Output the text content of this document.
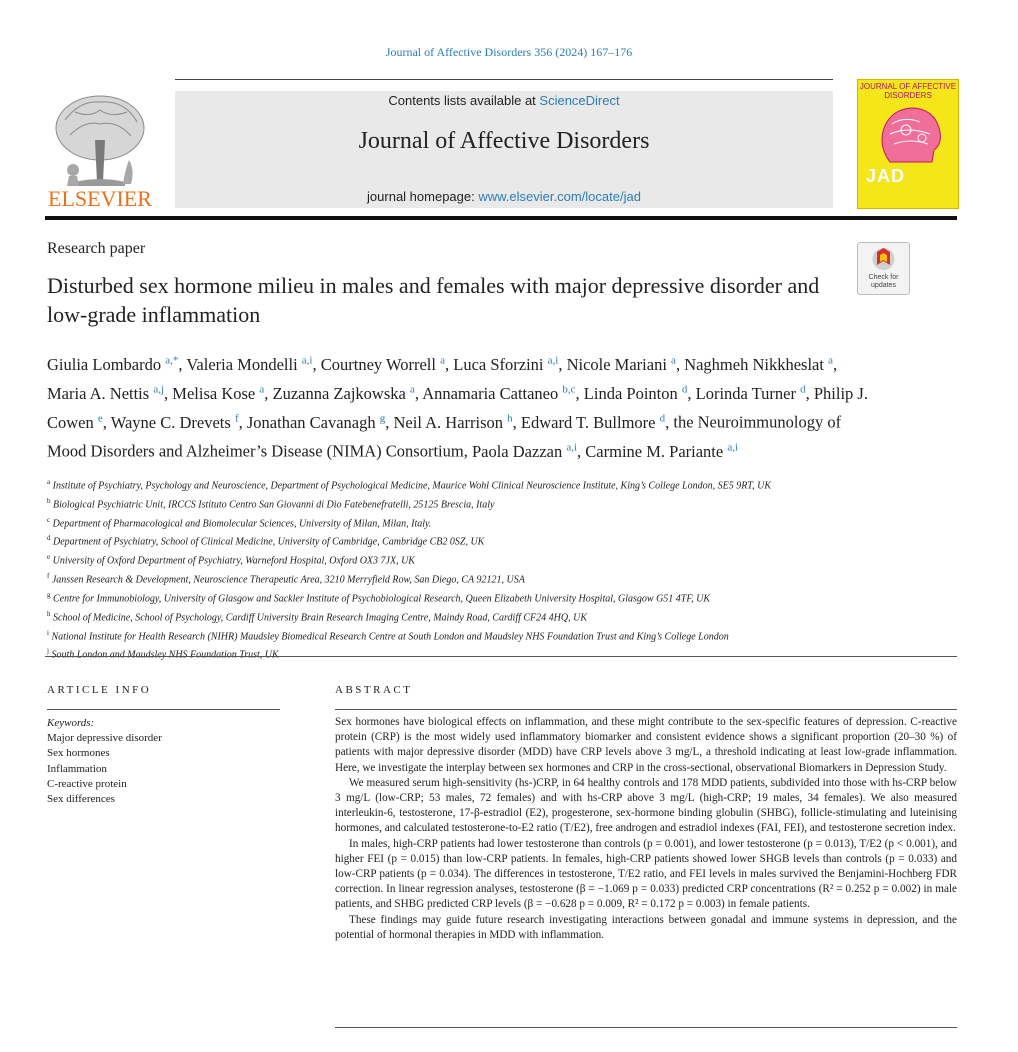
Journal of Affective Disorders 356 (2024) 167–176
ELSEVIER
Contents lists available at ScienceDirect
Journal of Affective Disorders
journal homepage: www.elsevier.com/locate/jad
JOURNAL OF AFFECTIVE DISORDERS
JAD
Research paper
Disturbed sex hormone milieu in males and females with major depressive disorder and low-grade inflammation
Check for updates
Giulia Lombardo $^{a,*}$, Valeria Mondelli $^{a,i}$, Courtney Worrell $^a$, Luca Sforzini $^{a,i}$, Nicole Mariani $^a$, Naghmeh Nikkheslat $^a$, Maria A. Nettis $^{a,j}$, Melisa Kose $^a$, Zuzanna Zajkowska $^a$, Annamaria Cattaneo $^{b,c}$, Linda Pointon $^d$, Lorinda Turner $^d$, Philip J. Cowen $^e$, Wayne C. Drevets $^f$, Jonathan Cavanagh $^g$, Neil A. Harrison $^h$, Edward T. Bullmore $^d$, the Neuroimmunology of Mood Disorders and Alzheimer’s Disease (NIMA) Consortium, Paola Dazzan $^{a,i}$, Carmine M. Pariante $^{a,i}$

$^a$ Institute of Psychiatry, Psychology and Neuroscience, Department of Psychological Medicine, Maurice Wohl Clinical Neuroscience Institute, King’s College London, SE5 9RT, UK

$^b$ Biological Psychiatric Unit, IRCCS Istituto Centro San Giovanni di Dio Fatebenefratelli, 25125 Brescia, Italy

$^c$ Department of Pharmacological and Biomolecular Sciences, University of Milan, Milan, Italy.

$^d$ Department of Psychiatry, School of Clinical Medicine, University of Cambridge, Cambridge CB2 0SZ, UK

$^e$ University of Oxford Department of Psychiatry, Warneford Hospital, Oxford OX3 7JX, UK

$^f$ Janssen Research & Development, Neuroscience Therapeutic Area, 3210 Merryfield Row, San Diego, CA 92121, USA

$^g$ Centre for Immunobiology, University of Glasgow and Sackler Institute of Psychobiological Research, Queen Elizabeth University Hospital, Glasgow G51 4TF, UK

$^h$ School of Medicine, School of Psychology, Cardiff University Brain Research Imaging Centre, Maindy Road, Cardiff CF24 4HQ, UK

$^i$ National Institute for Health Research (NIHR) Maudsley Biomedical Research Centre at South London and Maudsley NHS Foundation Trust and King’s College London

$^j$

ARTICLE INFO
Keywords:
Major depressive disorder
Sex hormones
Inflammation
C-reactive protein
Sex differences
ABSTRACT

Sex hormones have biological effects on inflammation, and these might contribute to the sex-specific features of depression. C-reactive protein (CRP) is the most widely used inflammatory biomarker and consistent evidence shows a significant proportion (20–30 %) of patients with major depressive disorder (MDD) have CRP levels above 3 mg/L, a threshold indicating at least low-grade inflammation. Here, we investigate the interplay between sex hormones and CRP in the cross-sectional, observational Biomarkers in Depression Study.

We measured serum high-sensitivity (hs-)CRP, in 64 healthy controls and 178 MDD patients, subdivided into those with hs-CRP below 3 mg/L (low-CRP; 53 males, 72 females) and with hs-CRP above 3 mg/L (high-CRP; 19 males, 34 females). We also measured interleukin-6, testosterone, 17-β-estradiol (E2), progesterone, sex-hormone binding globulin (SHBG), follicle-stimulating and luteinising hormones, and calculated testosterone-to-E2 ratio (T/E2), free androgen and estradiol indexes (FAI, FEI), and testosterone secretion index.

In males, high-CRP patients had lower testosterone than controls (p = 0.001), and lower testosterone (p = 0.013), T/E2 (p < 0.001), and higher FEI (p = 0.015) than low-CRP patients. In females, high-CRP patients showed lower SHGB levels than controls (p = 0.033) and low-CRP patients (p = 0.034). The differences in testosterone, T/E2 ratio, and FEI levels in males survived the Benjamini-Hochberg FDR correction. In linear regression analyses, testosterone (β = −1.069 p = 0.033) predicted CRP concentrations (R² = 0.252 p = 0.002) in male patients, and SHBG predicted CRP levels (β = −0.628 p = 0.009, R² = 0.172 p = 0.003) in female patients.

These findings may guide future research investigating interactions between gonadal and immune systems in depression, and the potential of hormonal therapies in MDD with inflammation.
